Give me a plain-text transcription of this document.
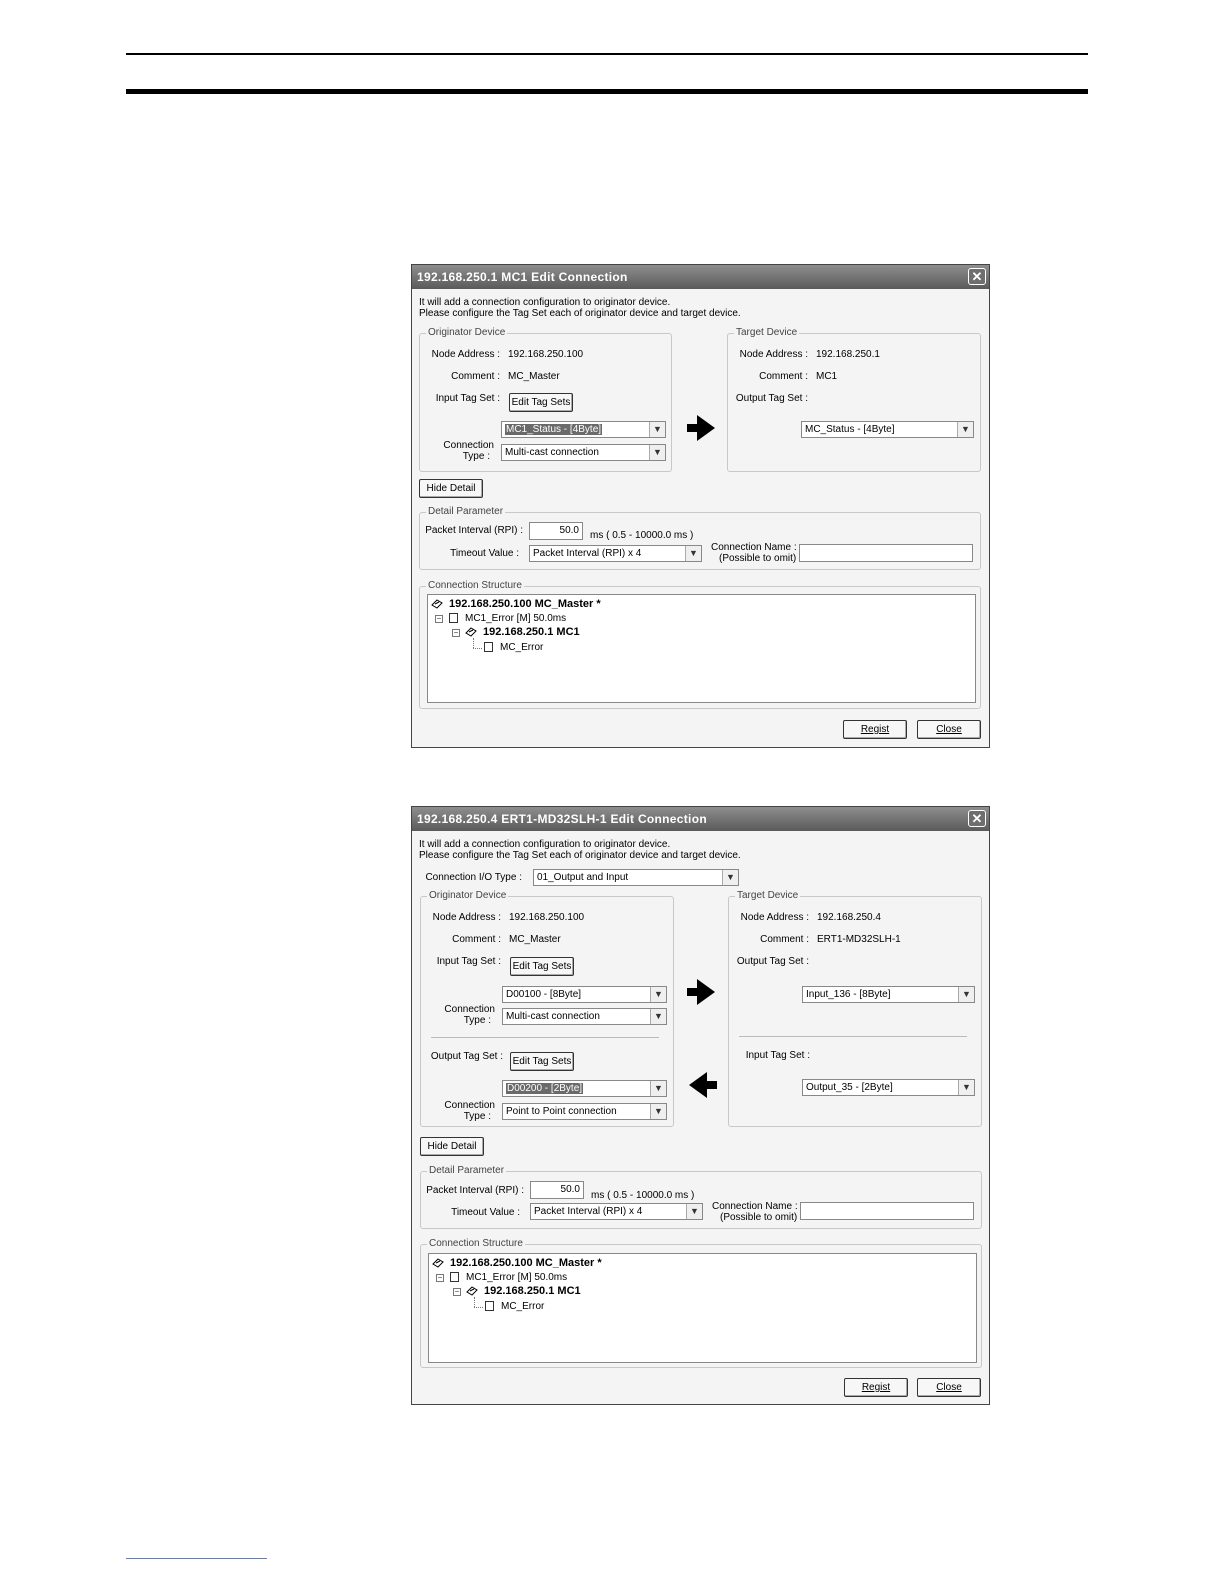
192.168.250.1 MC1 Edit Connection	✕
It will add a connection configuration to originator device.
Please configure the Tag Set each of originator device and target device.
Originator Device
Node Address : 192.168.250.100
Comment : MC_Master
Input Tag Set : Edit Tag Sets
MC1_Status - [4Byte]	▼
Connection
Type :	Multi-cast connection	▼
Target Device
Node Address : 192.168.250.1
Comment : MC1
Output Tag Set :
MC_Status - [4Byte]	▼
Hide Detail
Detail Parameter
Packet Interval (RPI) :	50.0	ms ( 0.5 - 10000.0 ms )
Timeout Value :	Packet Interval (RPI) x 4	▼	Connection Name :
(Possible to omit)
Connection Structure
192.168.250.100 MC_Master *
− MC1_Error [M] 50.0ms
− 192.168.250.1 MC1
MC_Error
Regist	Close
192.168.250.4 ERT1-MD32SLH-1 Edit Connection	✕
It will add a connection configuration to originator device.
Please configure the Tag Set each of originator device and target device.
Connection I/O Type :	01_Output and Input	▼
Originator Device
Node Address : 192.168.250.100
Comment : MC_Master
Input Tag Set : Edit Tag Sets
D00100 - [8Byte]	▼
Connection
Type :	Multi-cast connection	▼
Output Tag Set : Edit Tag Sets
D00200 - [2Byte]	▼
Connection
Type :	Point to Point connection	▼
Target Device
Node Address : 192.168.250.4
Comment : ERT1-MD32SLH-1
Output Tag Set :
Input_136 - [8Byte]	▼
Input Tag Set :
Output_35 - [2Byte]	▼
Hide Detail
Detail Parameter
Packet Interval (RPI) :	50.0
ms ( 0.5 - 10000.0 ms )
Timeout Value :	Packet Interval (RPI) x 4	▼	Connection Name :
(Possible to omit)
Connection Structure
192.168.250.100 MC_Master *
− MC1_Error [M] 50.0ms
− 192.168.250.1 MC1
MC_Error
Regist	Close
